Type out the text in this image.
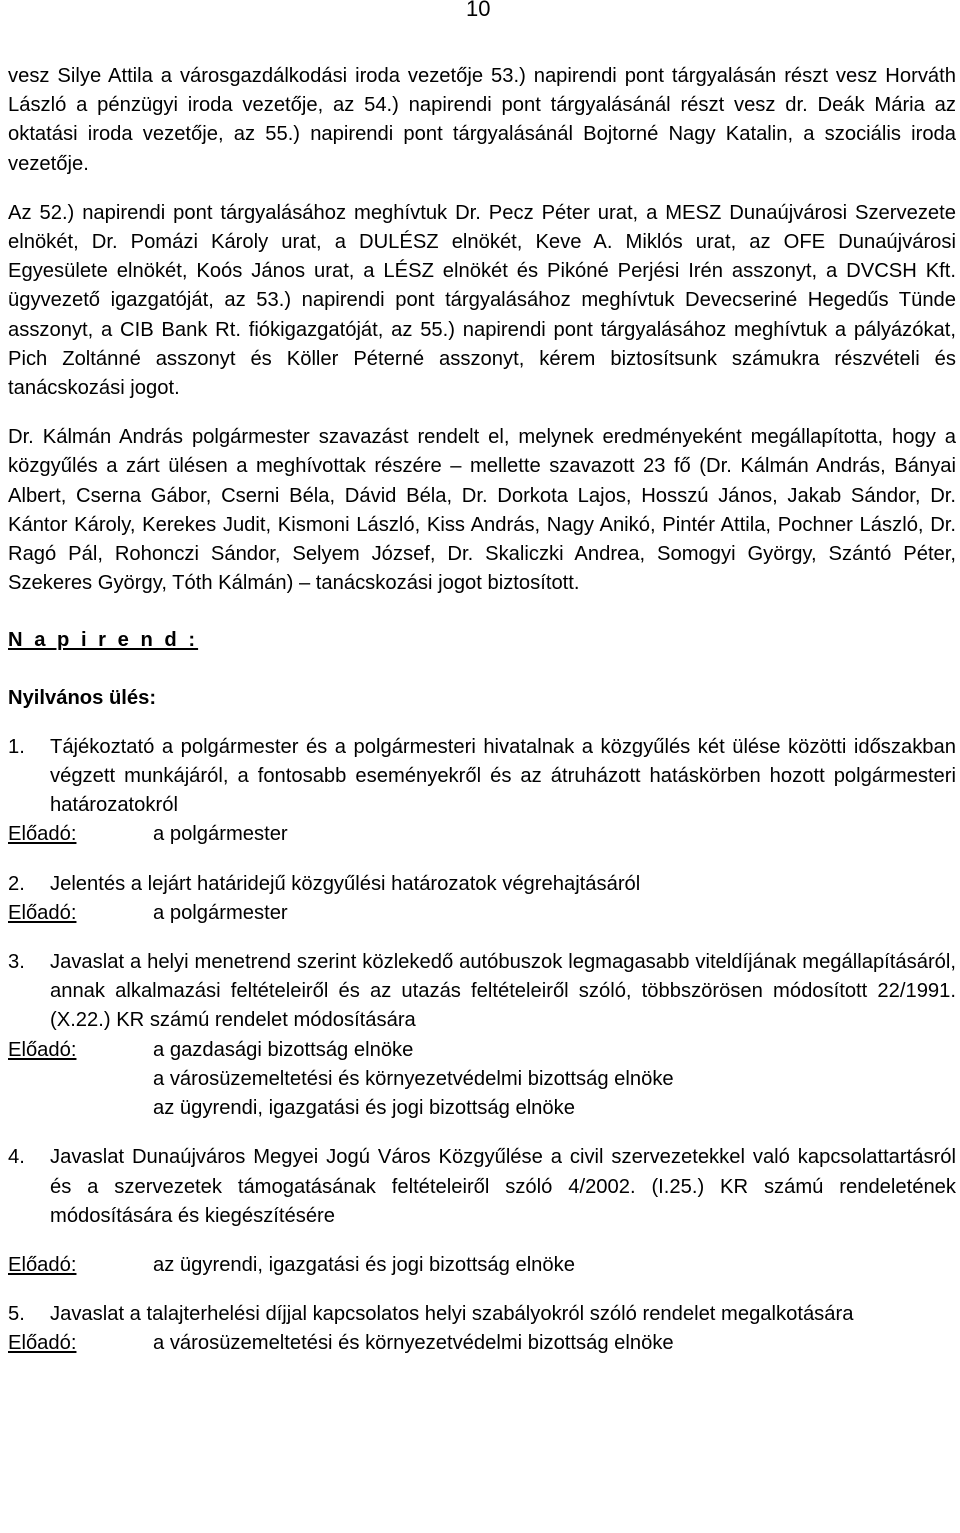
10

vesz Silye Attila a városgazdálkodási iroda vezetője 53.) napirendi pont tárgyalásán részt vesz Horváth László a pénzügyi iroda vezetője, az 54.) napirendi pont tárgyalásánál részt vesz dr. Deák Mária az oktatási iroda vezetője, az 55.) napirendi pont tárgyalásánál Bojtorné Nagy Katalin, a szociális iroda vezetője.

Az 52.) napirendi pont tárgyalásához meghívtuk Dr. Pecz Péter urat, a MESZ Dunaújvárosi Szervezete elnökét, Dr. Pomázi Károly urat, a DULÉSZ elnökét, Keve A. Miklós urat, az OFE Dunaújvárosi Egyesülete elnökét, Koós János urat, a LÉSZ elnökét és Pikóné Perjési Irén asszonyt, a DVCSH Kft. ügyvezető igazgatóját, az 53.) napirendi pont tárgyalásához meghívtuk Devecseriné Hegedűs Tünde asszonyt, a CIB Bank Rt. fiókigazgatóját, az 55.) napirendi pont tárgyalásához meghívtuk a pályázókat, Pich Zoltánné asszonyt és Köller Péterné asszonyt, kérem biztosítsunk számukra részvételi és tanácskozási jogot.

Dr. Kálmán András polgármester szavazást rendelt el, melynek eredményeként megállapította, hogy a közgyűlés a zárt ülésen a meghívottak részére – mellette szavazott 23 fő (Dr. Kálmán András, Bányai Albert, Cserna Gábor, Cserni Béla, Dávid Béla, Dr. Dorkota Lajos, Hosszú János, Jakab Sándor, Dr. Kántor Károly, Kerekes Judit, Kismoni László, Kiss András, Nagy Anikó, Pintér Attila, Pochner László, Dr. Ragó Pál, Rohonczi Sándor, Selyem József, Dr. Skaliczki Andrea, Somogyi György, Szántó Péter, Szekeres György, Tóth Kálmán) – tanácskozási jogot biztosított.

N a p i r e n d :

Nyilvános ülés:

1.	Tájékoztató a polgármester és a polgármesteri hivatalnak a közgyűlés két ülése közötti időszakban végzett munkájáról, a fontosabb eseményekről és az átruházott hatáskörben hozott polgármesteri határozatokról
Előadó:	a polgármester
2.	Jelentés a lejárt határidejű közgyűlési határozatok végrehajtásáról
Előadó:	a polgármester
3.	Javaslat a helyi menetrend szerint közlekedő autóbuszok legmagasabb viteldíjának megállapításáról, annak alkalmazási feltételeiről és az utazás feltételeiről szóló, többszörösen módosított 22/1991. (X.22.) KR számú rendelet módosítására
Előadó:	a gazdasági bizottság elnöke
a városüzemeltetési és környezetvédelmi bizottság elnöke
az ügyrendi, igazgatási és jogi bizottság elnöke
4.	Javaslat Dunaújváros Megyei Jogú Város Közgyűlése a civil szervezetekkel való kapcsolattartásról és a szervezetek támogatásának feltételeiről szóló 4/2002. (I.25.) KR számú rendeletének módosítására és kiegészítésére
Előadó:	az ügyrendi, igazgatási és jogi bizottság elnöke
5.	Javaslat a talajterhelési díjjal kapcsolatos helyi szabályokról szóló rendelet megalkotására
Előadó:	a városüzemeltetési és környezetvédelmi bizottság elnöke
